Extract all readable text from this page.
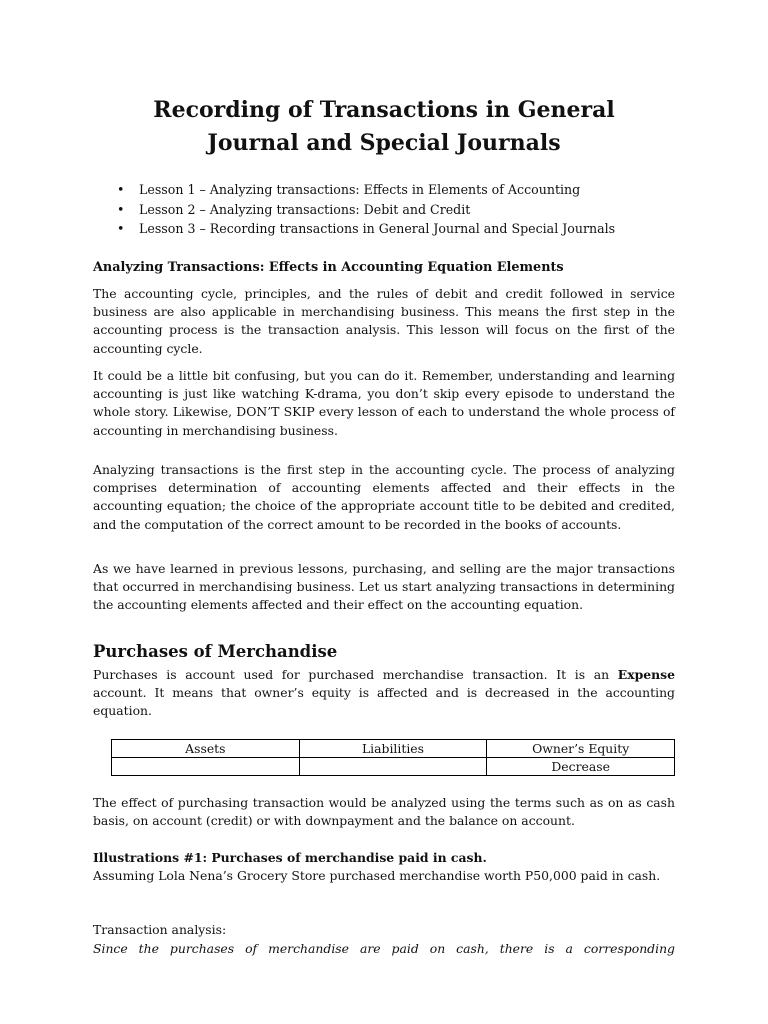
Recording of Transactions in General
Journal and Special Journals
• Lesson 1 – Analyzing transactions: Effects in Elements of Accounting
• Lesson 2 – Analyzing transactions: Debit and Credit
• Lesson 3 – Recording transactions in General Journal and Special Journals
Analyzing Transactions: Effects in Accounting Equation Elements

The accounting cycle, principles, and the rules of debit and credit followed in service business are also applicable in merchandising business. This means the first step in the accounting process is the transaction analysis. This lesson will focus on the first of the accounting cycle.

It could be a little bit confusing, but you can do it. Remember, understanding and learning accounting is just like watching K-drama, you don’t skip every episode to understand the whole story. Likewise, DON’T SKIP every lesson of each to understand the whole process of accounting in merchandising business.

Analyzing transactions is the first step in the accounting cycle. The process of analyzing comprises determination of accounting elements affected and their effects in the accounting equation; the choice of the appropriate account title to be debited and credited, and the computation of the correct amount to be recorded in the books of accounts.

As we have learned in previous lessons, purchasing, and selling are the major transactions that occurred in merchandising business. Let us start analyzing transactions in determining the accounting elements affected and their effect on the accounting equation.

Purchases of Merchandise

Purchases is account used for purchased merchandise transaction. It is an Expense account. It means that owner’s equity is affected and is decreased in the accounting equation.

Assets	Liabilities	Owner’s Equity
		Decrease

The effect of purchasing transaction would be analyzed using the terms such as on as cash basis, on account (credit) or with downpayment and the balance on account.

Illustrations #1: Purchases of merchandise paid in cash.
Assuming Lola Nena’s Grocery Store purchased merchandise worth P50,000 paid in cash.

Transaction analysis:

Since the purchases of merchandise are paid on cash, there is a corresponding
